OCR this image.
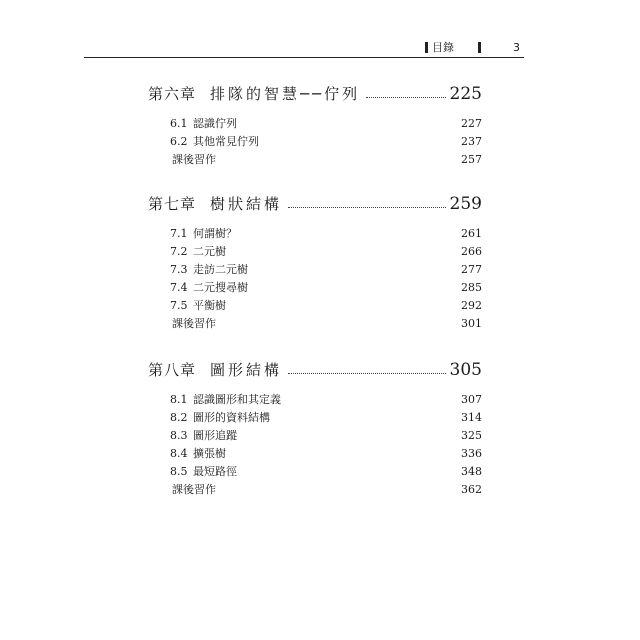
目錄	3
第六章 排隊的智慧──佇列	225
6.1 認識佇列	227
6.2 其他常見佇列	237
課後習作	257
第七章 樹狀結構	259
7.1 何謂樹？	261
7.2 二元樹	266
7.3 走訪二元樹	277
7.4 二元搜尋樹	285
7.5 平衡樹	292
課後習作	301
第八章 圖形結構	305
8.1 認識圖形和其定義	307
8.2 圖形的資料結構	314
8.3 圖形追蹤	325
8.4 擴張樹	336
8.5 最短路徑	348
課後習作	362
